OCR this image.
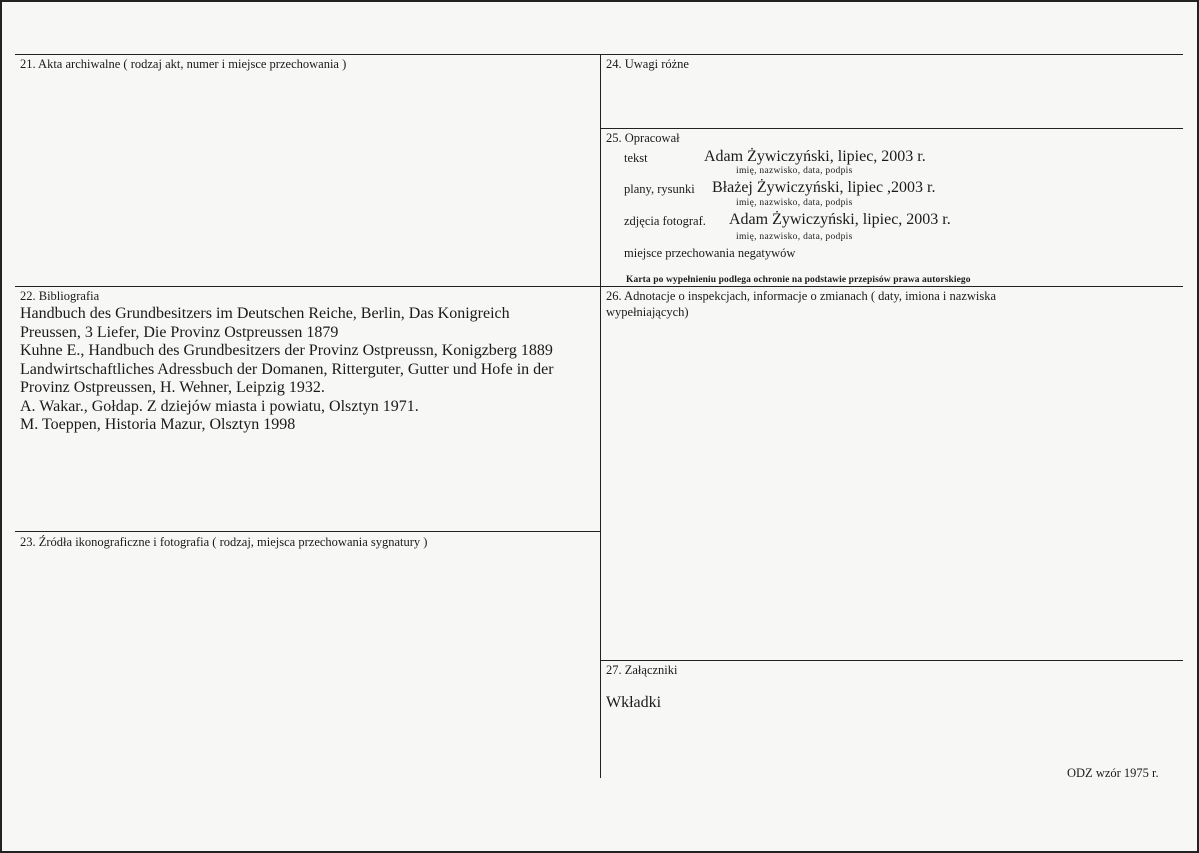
21. Akta archiwalne ( rodzaj akt, numer i miejsce przechowania )
22. Bibliografia
Handbuch des Grundbesitzers im Deutschen Reiche, Berlin, Das Konigreich
Preussen, 3 Liefer, Die Provinz Ostpreussen 1879
Kuhne E., Handbuch des Grundbesitzers der Provinz Ostpreussn, Konigzberg 1889
Landwirtschaftliches Adressbuch der Domanen, Ritterguter, Gutter und Hofe in der
Provinz Ostpreussen, H. Wehner, Leipzig 1932.
A. Wakar., Gołdap. Z dziejów miasta i powiatu, Olsztyn 1971.
M. Toeppen, Historia Mazur, Olsztyn 1998
23. Źródła ikonograficzne i fotografia ( rodzaj, miejsca przechowania sygnatury )
24. Uwagi różne
25. Opracował
tekst	Adam Żywiczyński, lipiec, 2003 r.
imię, nazwisko, data, podpis
plany, rysunki Błażej Żywiczyński, lipiec ,2003 r.
imię, nazwisko, data, podpis
zdjęcia fotograf. Adam Żywiczyński, lipiec, 2003 r.
imię, nazwisko, data, podpis
miejsce przechowania negatywów
Karta po wypełnieniu podlega ochronie na podstawie przepisów prawa autorskiego
26. Adnotacje o inspekcjach, informacje o zmianach ( daty, imiona i nazwiska
wypełniających)
27. Załączniki
Wkładki
ODZ wzór 1975 r.
